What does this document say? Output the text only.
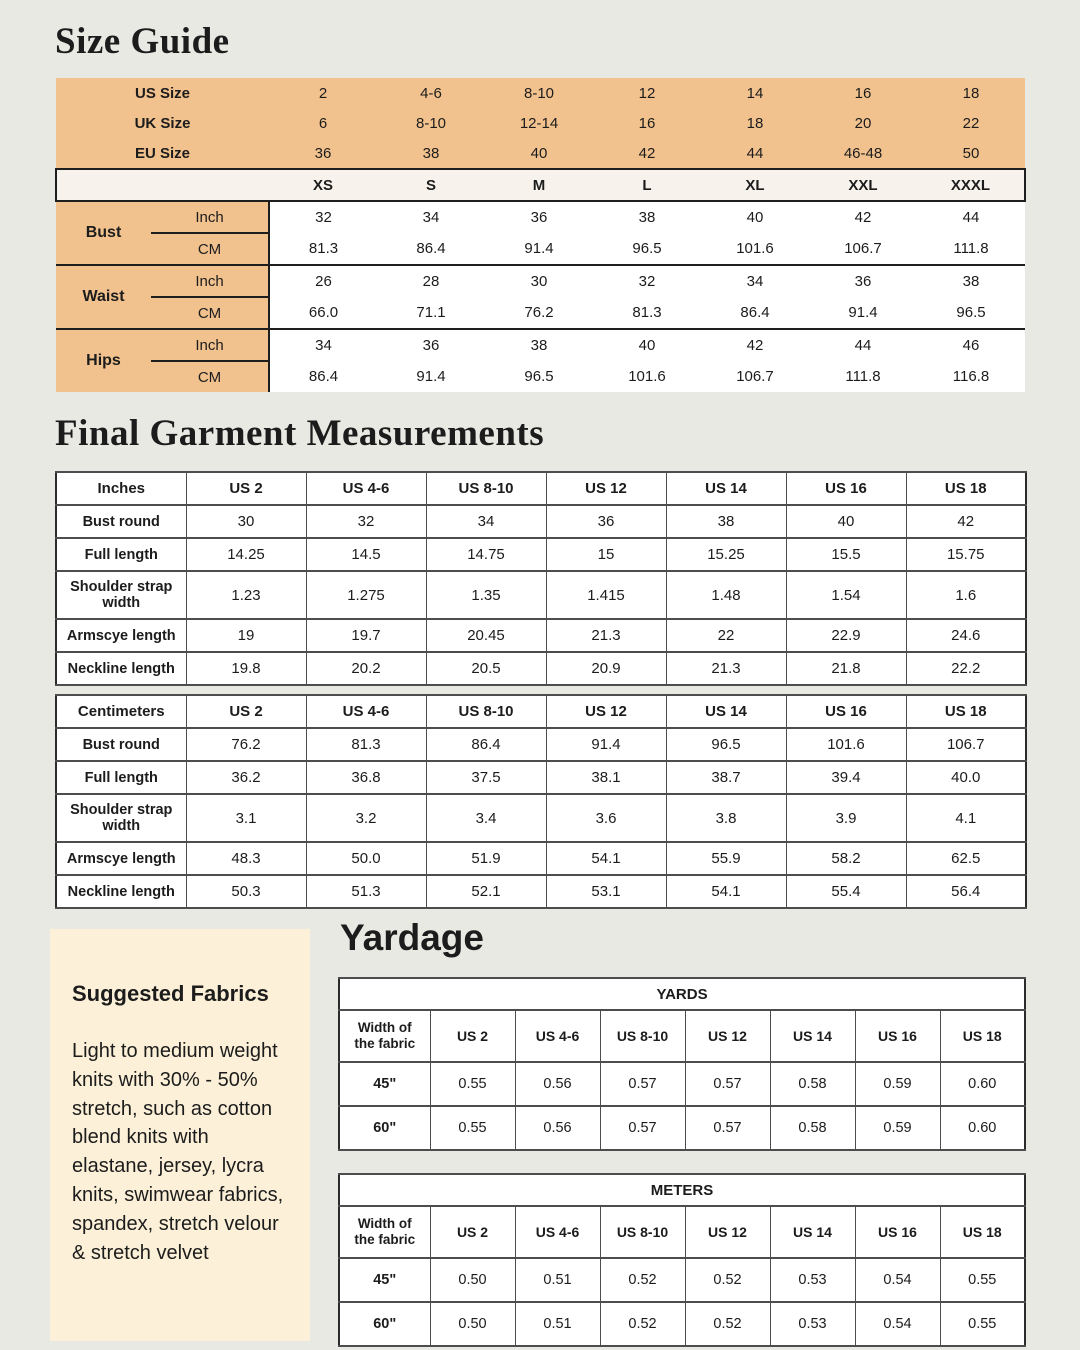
Size Guide
US Size		2	4-6	8-10	12	14	16	18
UK Size		6	8-10	12-14	16	18	20	22
EU Size		36	38	40	42	44	46-48	50
		XS	S	M	L	XL	XXL	XXXL
Bust	Inch	32	34	36	38	40	42	44
	CM	81.3	86.4	91.4	96.5	101.6	106.7	111.8
Waist	Inch	26	28	30	32	34	36	38
	CM	66.0	71.1	76.2	81.3	86.4	91.4	96.5
Hips	Inch	34	36	38	40	42	44	46
	CM	86.4	91.4	96.5	101.6	106.7	111.8	116.8
Final Garment Measurements
Inches	US 2	US 4-6	US 8-10	US 12	US 14	US 16	US 18
Bust round	30	32	34	36	38	40	42
Full length	14.25	14.5	14.75	15	15.25	15.5	15.75
Shoulder strap width	1.23	1.275	1.35	1.415	1.48	1.54	1.6
Armscye length	19	19.7	20.45	21.3	22	22.9	24.6
Neckline length	19.8	20.2	20.5	20.9	21.3	21.8	22.2
Centimeters	US 2	US 4-6	US 8-10	US 12	US 14	US 16	US 18
Bust round	76.2	81.3	86.4	91.4	96.5	101.6	106.7
Full length	36.2	36.8	37.5	38.1	38.7	39.4	40.0
Shoulder strap width	3.1	3.2	3.4	3.6	3.8	3.9	4.1
Armscye length	48.3	50.0	51.9	54.1	55.9	58.2	62.5
Neckline length	50.3	51.3	52.1	53.1	54.1	55.4	56.4
Suggested Fabrics

Light to medium weight knits with 30% - 50% stretch, such as cotton blend knits with elastane, jersey, lycra knits, swimwear fabrics, spandex, stretch velour & stretch velvet

Yardage
YARDS							
Width of the fabric	US 2	US 4-6	US 8-10	US 12	US 14	US 16	US 18
45"	0.55	0.56	0.57	0.57	0.58	0.59	0.60
60"	0.55	0.56	0.57	0.57	0.58	0.59	0.60
METERS							
Width of the fabric	US 2	US 4-6	US 8-10	US 12	US 14	US 16	US 18
45"	0.50	0.51	0.52	0.52	0.53	0.54	0.55
60"	0.50	0.51	0.52	0.52	0.53	0.54	0.55
